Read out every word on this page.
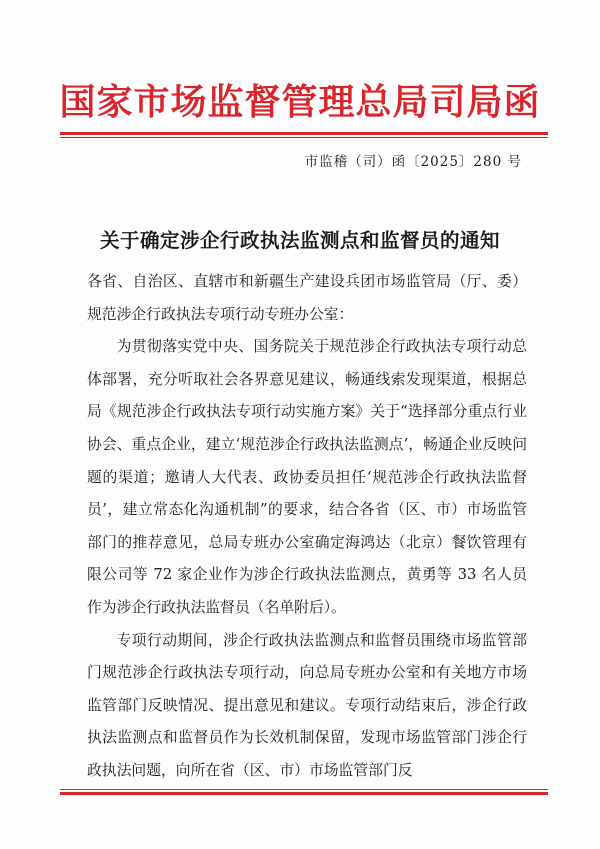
国家市场监督管理总局司局函
市监稽（司）函〔2025〕280 号
关于确定涉企行政执法监测点和监督员的通知

各省、自治区、直辖市和新疆生产建设兵团市场监管局（厅、委）规范涉企行政执法专项行动专班办公室：

为贯彻落实党中央、国务院关于规范涉企行政执法专项行动总体部署，充分听取社会各界意见建议，畅通线索发现渠道，根据总局《规范涉企行政执法专项行动实施方案》关于“选择部分重点行业协会、重点企业，建立‘规范涉企行政执法监测点’，畅通企业反映问题的渠道；邀请人大代表、政协委员担任‘规范涉企行政执法监督员’，建立常态化沟通机制”的要求，结合各省（区、市）市场监管部门的推荐意见，总局专班办公室确定海鸿达（北京）餐饮管理有限公司等 72 家企业作为涉企行政执法监测点，黄勇等 33 名人员作为涉企行政执法监督员（名单附后）。

专项行动期间，涉企行政执法监测点和监督员围绕市场监管部门规范涉企行政执法专项行动，向总局专班办公室和有关地方市场监管部门反映情况、提出意见和建议。专项行动结束后，涉企行政执法监测点和监督员作为长效机制保留，发现市场监管部门涉企行政执法问题，向所在省（区、市）市场监管部门反
